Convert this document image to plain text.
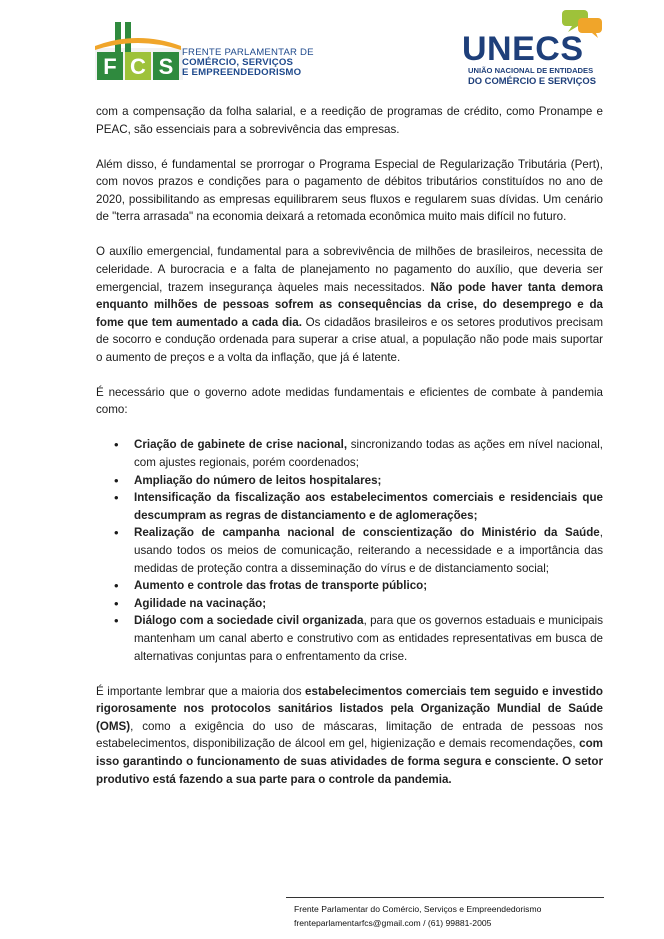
F C S
FRENTE PARLAMENTAR DE
COMÉRCIO, SERVIÇOS
E EMPREENDEDORISMO
UNECS
UNIÃO NACIONAL DE ENTIDADES
DO COMÉRCIO E SERVIÇOS

com a compensação da folha salarial, e a reedição de programas de crédito, como Pronampe e PEAC, são essenciais para a sobrevivência das empresas.

Além disso, é fundamental se prorrogar o Programa Especial de Regularização Tributária (Pert), com novos prazos e condições para o pagamento de débitos tributários constituídos no ano de 2020, possibilitando as empresas equilibrarem seus fluxos e regularem suas dívidas. Um cenário de "terra arrasada" na economia deixará a retomada econômica muito mais difícil no futuro.

O auxílio emergencial, fundamental para a sobrevivência de milhões de brasileiros, necessita de celeridade. A burocracia e a falta de planejamento no pagamento do auxílio, que deveria ser emergencial, trazem insegurança àqueles mais necessitados. Não pode haver tanta demora enquanto milhões de pessoas sofrem as consequências da crise, do desemprego e da fome que tem aumentado a cada dia. Os cidadãos brasileiros e os setores produtivos precisam de socorro e condução ordenada para superar a crise atual, a população não pode mais suportar o aumento de preços e a volta da inflação, que já é latente.

É necessário que o governo adote medidas fundamentais e eficientes de combate à pandemia como:

• Criação de gabinete de crise nacional, sincronizando todas as ações em nível nacional, com ajustes regionais, porém coordenados;
• Ampliação do número de leitos hospitalares;
• Intensificação da fiscalização aos estabelecimentos comerciais e residenciais que descumpram as regras de distanciamento e de aglomerações;
• Realização de campanha nacional de conscientização do Ministério da Saúde, usando todos os meios de comunicação, reiterando a necessidade e a importância das medidas de proteção contra a disseminação do vírus e de distanciamento social;
• Aumento e controle das frotas de transporte público;
• Agilidade na vacinação;
• Diálogo com a sociedade civil organizada, para que os governos estaduais e municipais mantenham um canal aberto e construtivo com as entidades representativas em busca de alternativas conjuntas para o enfrentamento da crise.

É importante lembrar que a maioria dos estabelecimentos comerciais tem seguido e investido rigorosamente nos protocolos sanitários listados pela Organização Mundial de Saúde (OMS), como a exigência do uso de máscaras, limitação de entrada de pessoas nos estabelecimentos, disponibilização de álcool em gel, higienização e demais recomendações, com isso garantindo o funcionamento de suas atividades de forma segura e consciente. O setor produtivo está fazendo a sua parte para o controle da pandemia.

Frente Parlamentar do Comércio, Serviços e Empreendedorismo
frenteparlamentarfcs@gmail.com / (61) 99881-2005
